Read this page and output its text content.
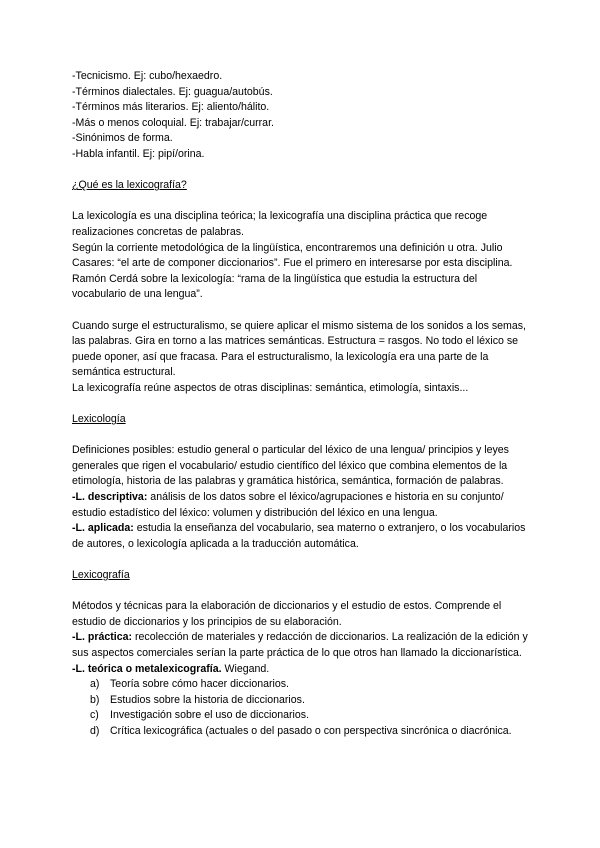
-Tecnicismo. Ej: cubo/hexaedro.
-Términos dialectales. Ej: guagua/autobús.
-Términos más literarios. Ej: aliento/hálito.
-Más o menos coloquial. Ej: trabajar/currar.
-Sinónimos de forma.
-Habla infantil. Ej: pipí/orina.
¿Qué es la lexicografía?

La lexicología es una disciplina teórica; la lexicografía una disciplina práctica que recoge realizaciones concretas de palabras.

Según la corriente metodológica de la lingüística, encontraremos una definición u otra. Julio Casares: “el arte de componer diccionarios”. Fue el primero en interesarse por esta disciplina. Ramón Cerdá sobre la lexicología: “rama de la lingüística que estudia la estructura del vocabulario de una lengua”.

Cuando surge el estructuralismo, se quiere aplicar el mismo sistema de los sonidos a los semas, las palabras. Gira en torno a las matrices semánticas. Estructura = rasgos. No todo el léxico se puede oponer, así que fracasa. Para el estructuralismo, la lexicología era una parte de la semántica estructural.

La lexicografía reúne aspectos de otras disciplinas: semántica, etimología, sintaxis...

Lexicología

Definiciones posibles: estudio general o particular del léxico de una lengua/ principios y leyes generales que rigen el vocabulario/ estudio científico del léxico que combina elementos de la etimología, historia de las palabras y gramática histórica, semántica, formación de palabras.

-L. descriptiva: análisis de los datos sobre el léxico/agrupaciones e historia en su conjunto/ estudio estadístico del léxico: volumen y distribución del léxico en una lengua.

-L. aplicada: estudia la enseñanza del vocabulario, sea materno o extranjero, o los vocabularios de autores, o lexicología aplicada a la traducción automática.

Lexicografía

Métodos y técnicas para la elaboración de diccionarios y el estudio de estos. Comprende el estudio de diccionarios y los principios de su elaboración.

-L. práctica: recolección de materiales y redacción de diccionarios. La realización de la edición y sus aspectos comerciales serían la parte práctica de lo que otros han llamado la diccionarística.

-L. teórica o metalexicografía. Wiegand.

a) Teoría sobre cómo hacer diccionarios.
b) Estudios sobre la historia de diccionarios.
c) Investigación sobre el uso de diccionarios.
d) Crítica lexicográfica (actuales o del pasado o con perspectiva sincrónica o diacrónica.
